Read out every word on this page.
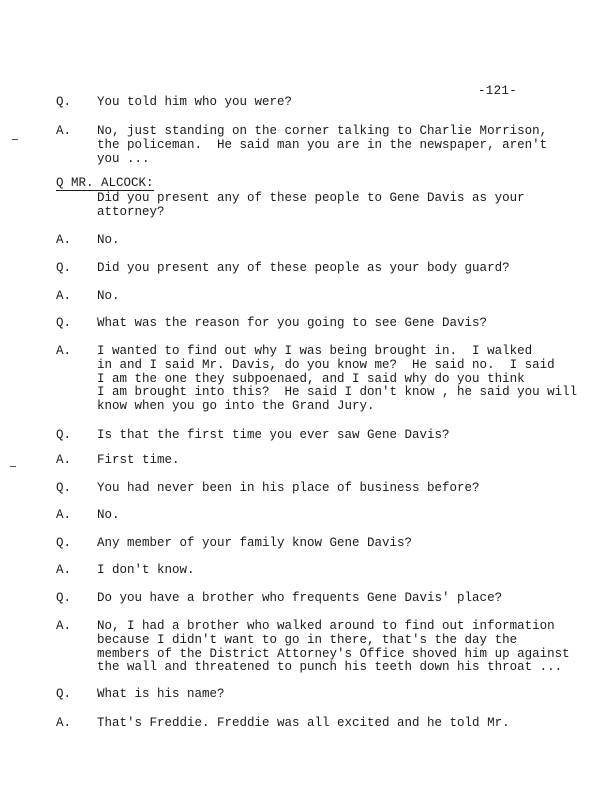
-121-
Q MR. ALCOCK:
Q. You told him who you were?
A. No, just standing on the corner talking to Charlie Morrison,
the policeman.  He said man you are in the newspaper, aren't
you ...
Did you present any of these people to Gene Davis as your
attorney?
A. No.
Q. Did you present any of these people as your body guard?
A. No.
Q. What was the reason for you going to see Gene Davis?
A. I wanted to find out why I was being brought in.  I walked
in and I said Mr. Davis, do you know me?  He said no.  I said
I am the one they subpoenaed, and I said why do you think
I am brought into this?  He said I don't know , he said you will
know when you go into the Grand Jury.
Q. Is that the first time you ever saw Gene Davis?
A. First time.
Q. You had never been in his place of business before?
A. No.
Q. Any member of your family know Gene Davis?
A. I don't know.
Q. Do you have a brother who frequents Gene Davis' place?
A. No, I had a brother who walked around to find out information
because I didn't want to go in there, that's the day the
members of the District Attorney's Office shoved him up against
the wall and threatened to punch his teeth down his throat ...
Q. What is his name?
A. That's Freddie. Freddie was all excited and he told Mr.
